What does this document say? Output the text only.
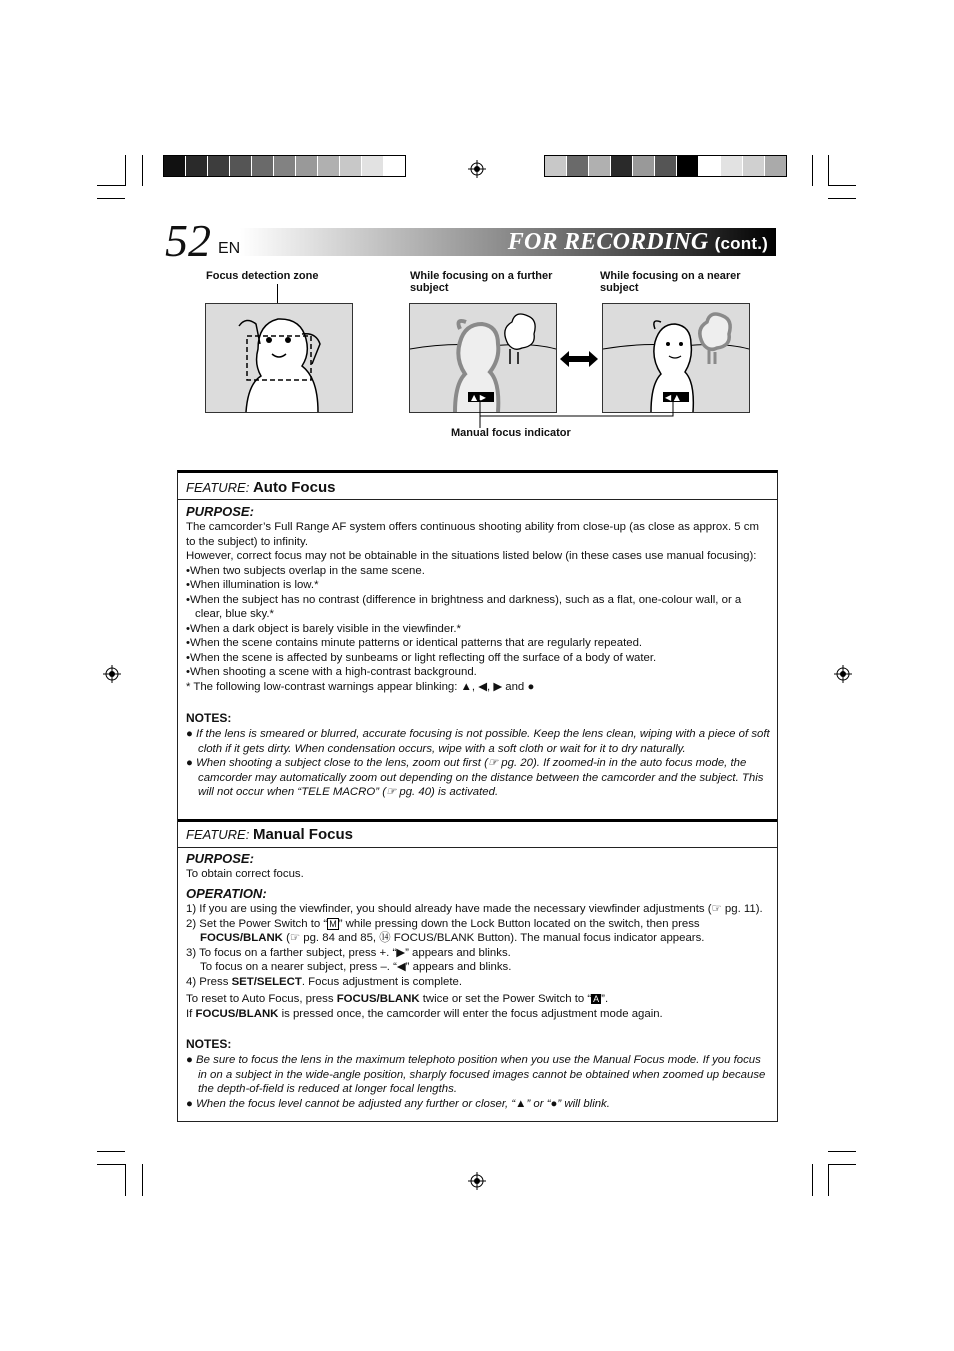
52 EN	FOR RECORDING (cont.)
Focus detection zone	While focusing on a further subject
While focusing on a nearer subject
▲ ▶	◀ ▲
Manual focus indicator
FEATURE: Auto Focus
PURPOSE:

The camcorder’s Full Range AF system offers continuous shooting ability from close-up (as close as approx. 5 cm to the subject) to infinity.

However, correct focus may not be obtainable in the situations listed below (in these cases use manual focusing):

•When two subjects overlap in the same scene.

•When illumination is low.*

•When the subject has no contrast (difference in brightness and darkness), such as a flat, one-colour wall, or a clear, blue sky.*

•When a dark object is barely visible in the viewfinder.*

•When the scene contains minute patterns or identical patterns that are regularly repeated.

•When the scene is affected by sunbeams or light reflecting off the surface of a body of water.

•When shooting a scene with a high-contrast background.

* The following low-contrast warnings appear blinking: ▲, ◀, ▶ and ●

NOTES:

● If the lens is smeared or blurred, accurate focusing is not possible. Keep the lens clean, wiping with a piece of soft cloth if it gets dirty. When condensation occurs, wipe with a soft cloth or wait for it to dry naturally.

● When shooting a subject close to the lens, zoom out first (☞ pg. 20). If zoomed-in in the auto focus mode, the camcorder may automatically zoom out depending on the distance between the camcorder and the subject. This will not occur when “TELE MACRO” (☞ pg. 40) is activated.

FEATURE: Manual Focus
PURPOSE:
To obtain correct focus.
OPERATION:

1) If you are using the viewfinder, you should already have made the necessary viewfinder adjustments (☞ pg. 11).

2) Set the Power Switch to “ M ” while pressing down the Lock Button located on the switch, then press FOCUS/BLANK (☞ pg. 84 and 85, ⑭ FOCUS/BLANK Button). The manual focus indicator appears.

3) To focus on a farther subject, press +. “▶” appears and blinks.

To focus on a nearer subject, press –. “◀” appears and blinks.

4) Press SET/SELECT. Focus adjustment is complete.

To reset to Auto Focus, press FOCUS/BLANK twice or set the Power Switch to “ A ”.

If FOCUS/BLANK is pressed once, the camcorder will enter the focus adjustment mode again.

NOTES:

● Be sure to focus the lens in the maximum telephoto position when you use the Manual Focus mode. If you focus in on a subject in the wide-angle position, sharply focused images cannot be obtained when zoomed up because the depth-of-field is reduced at longer focal lengths.

● When the focus level cannot be adjusted any further or closer, “▲” or “●” will blink.
